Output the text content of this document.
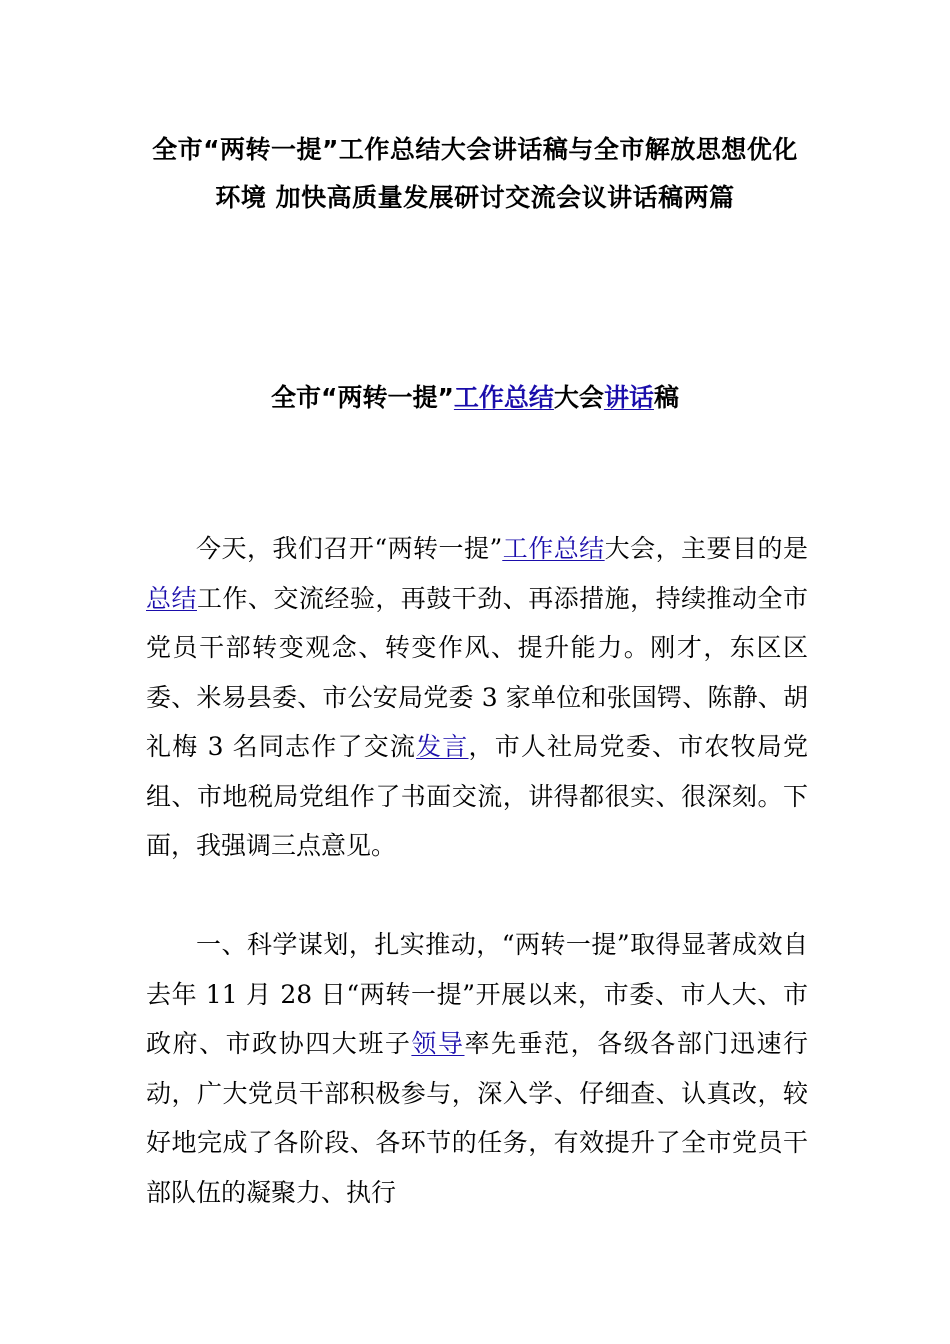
全市“两转一提”工作总结大会讲话稿与全市解放思想优化环境 加快高质量发展研讨交流会议讲话稿两篇
全市“两转一提”工作总结大会讲话稿

今天，我们召开“两转一提”工作总结大会，主要目的是总结工作、交流经验，再鼓干劲、再添措施，持续推动全市党员干部转变观念、转变作风、提升能力。刚才，东区区委、米易县委、市公安局党委 3 家单位和张国锷、陈静、胡礼梅 3 名同志作了交流发言，市人社局党委、市农牧局党组、市地税局党组作了书面交流，讲得都很实、很深刻。下面，我强调三点意见。

一、科学谋划，扎实推动，“两转一提”取得显著成效自去年 11 月 28 日“两转一提”开展以来，市委、市人大、市政府、市政协四大班子领导率先垂范，各级各部门迅速行动，广大党员干部积极参与，深入学、仔细查、认真改，较好地完成了各阶段、各环节的任务，有效提升了全市党员干部队伍的凝聚力、执行
